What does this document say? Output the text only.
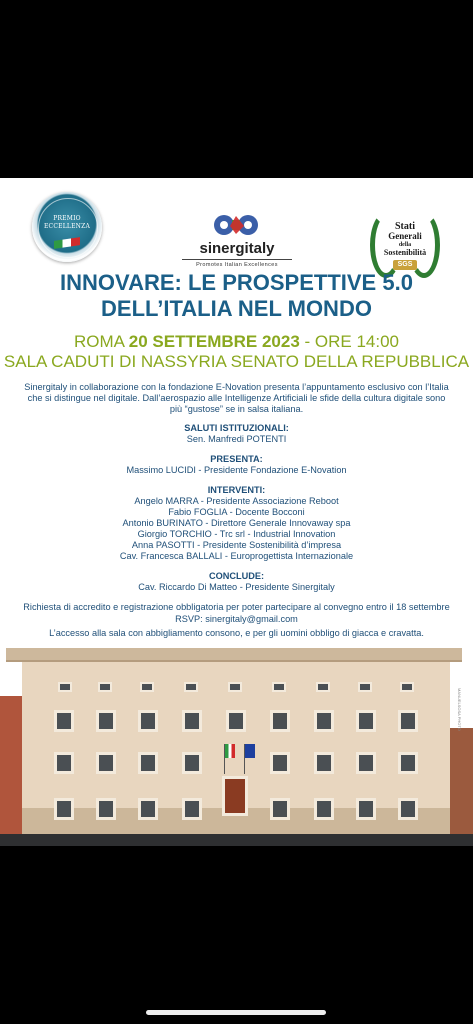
PREMIO
ECCELLENZA
sinergitaly
Promotes Italian Excellences
Stati
Generali
della
Sostenibilità
SGS
INNOVARE: LE PROSPETTIVE 5.0
DELL’ITALIA NEL MONDO
ROMA 20 SETTEMBRE 2023 - ORE 14:00
SALA CADUTI DI NASSYRIA SENATO DELLA REPUBBLICA
Sinergitaly in collaborazione con la fondazione E-Novation presenta l’appuntamento esclusivo con l’Italia
che si distingue nel digitale. Dall’aerospazio alle Intelligenze Artificiali le sfide della cultura digitale sono
più “gustose” se in salsa italiana.
SALUTI ISTITUZIONALI:
Sen. Manfredi POTENTI
PRESENTA:
Massimo LUCIDI - Presidente Fondazione E-Novation
INTERVENTI:
Angelo MARRA - Presidente Associazione Reboot
Fabio FOGLIA - Docente Bocconi
Antonio BURINATO - Direttore Generale Innovaway spa
Giorgio TORCHIO - Trc srl - Industrial Innovation
Anna PASOTTI - Presidente Sostenibilità d’impresa
Cav. Francesca BALLALI - Europrogettista Internazionale
CONCLUDE:
Cav. Riccardo Di Matteo - Presidente Sinergitaly
Richiesta di accredito e registrazione obbligatoria per poter partecipare al convegno entro il 18 settembre
RSVP: sinergitaly@gmail.com
L’accesso alla sala con abbigliamento consono, e per gli uomini obbligo di giacca e cravatta.
MANUELSOSA PHOTO
